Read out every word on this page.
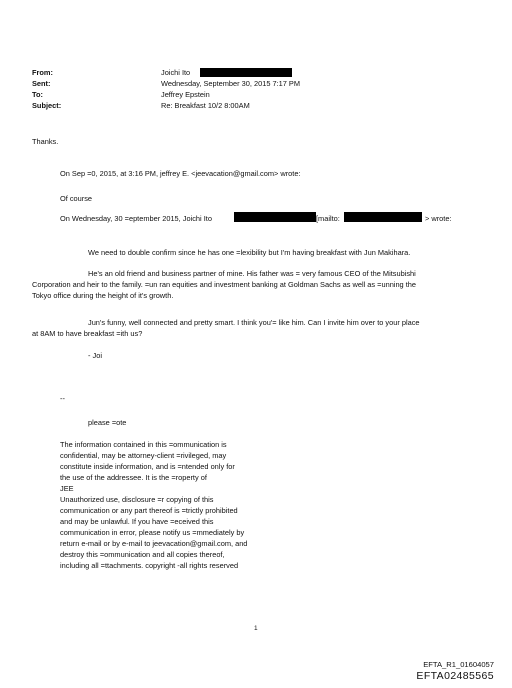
From:	Joichi Ito
Sent:	Wednesday, September 30, 2015 7:17 PM
To:	Jeffrey Epstein
Subject:	Re: Breakfast 10/2 8:00AM
Thanks.
On Sep =0, 2015, at 3:16 PM, jeffrey E. <jeevacation@gmail.com> wrote:
Of course
On Wednesday, 30 =eptember 2015, Joichi Ito	[mailto:	> wrote:
We need to double confirm since he has one =lexibility but I'm having breakfast with Jun Makihara.
He's an old friend and business partner of mine. His father was = very famous CEO of the Mitsubishi
Corporation and heir to the family. =un ran equities and investment banking at Goldman Sachs as well as =unning the
Tokyo office during the height of it's growth.
Jun's funny, well connected and pretty smart. I think you'= like him. Can I invite him over to your place
at 8AM to have breakfast =ith us?
- Joi
--
please =ote
The information contained in this =ommunication is
confidential, may be attorney-client =rivileged, may
constitute inside information, and is =ntended only for
the use of the addressee. It is the =roperty of
JEE
Unauthorized use, disclosure =r copying of this
communication or any part thereof is =trictly prohibited
and may be unlawful. If you have =eceived this
communication in error, please notify us =mmediately by
return e-mail or by e-mail to jeevacation@gmail.com, and
destroy this =ommunication and all copies thereof,
including all =ttachments. copyright -all rights reserved
1
EFTA_R1_01604057
EFTA02485565
